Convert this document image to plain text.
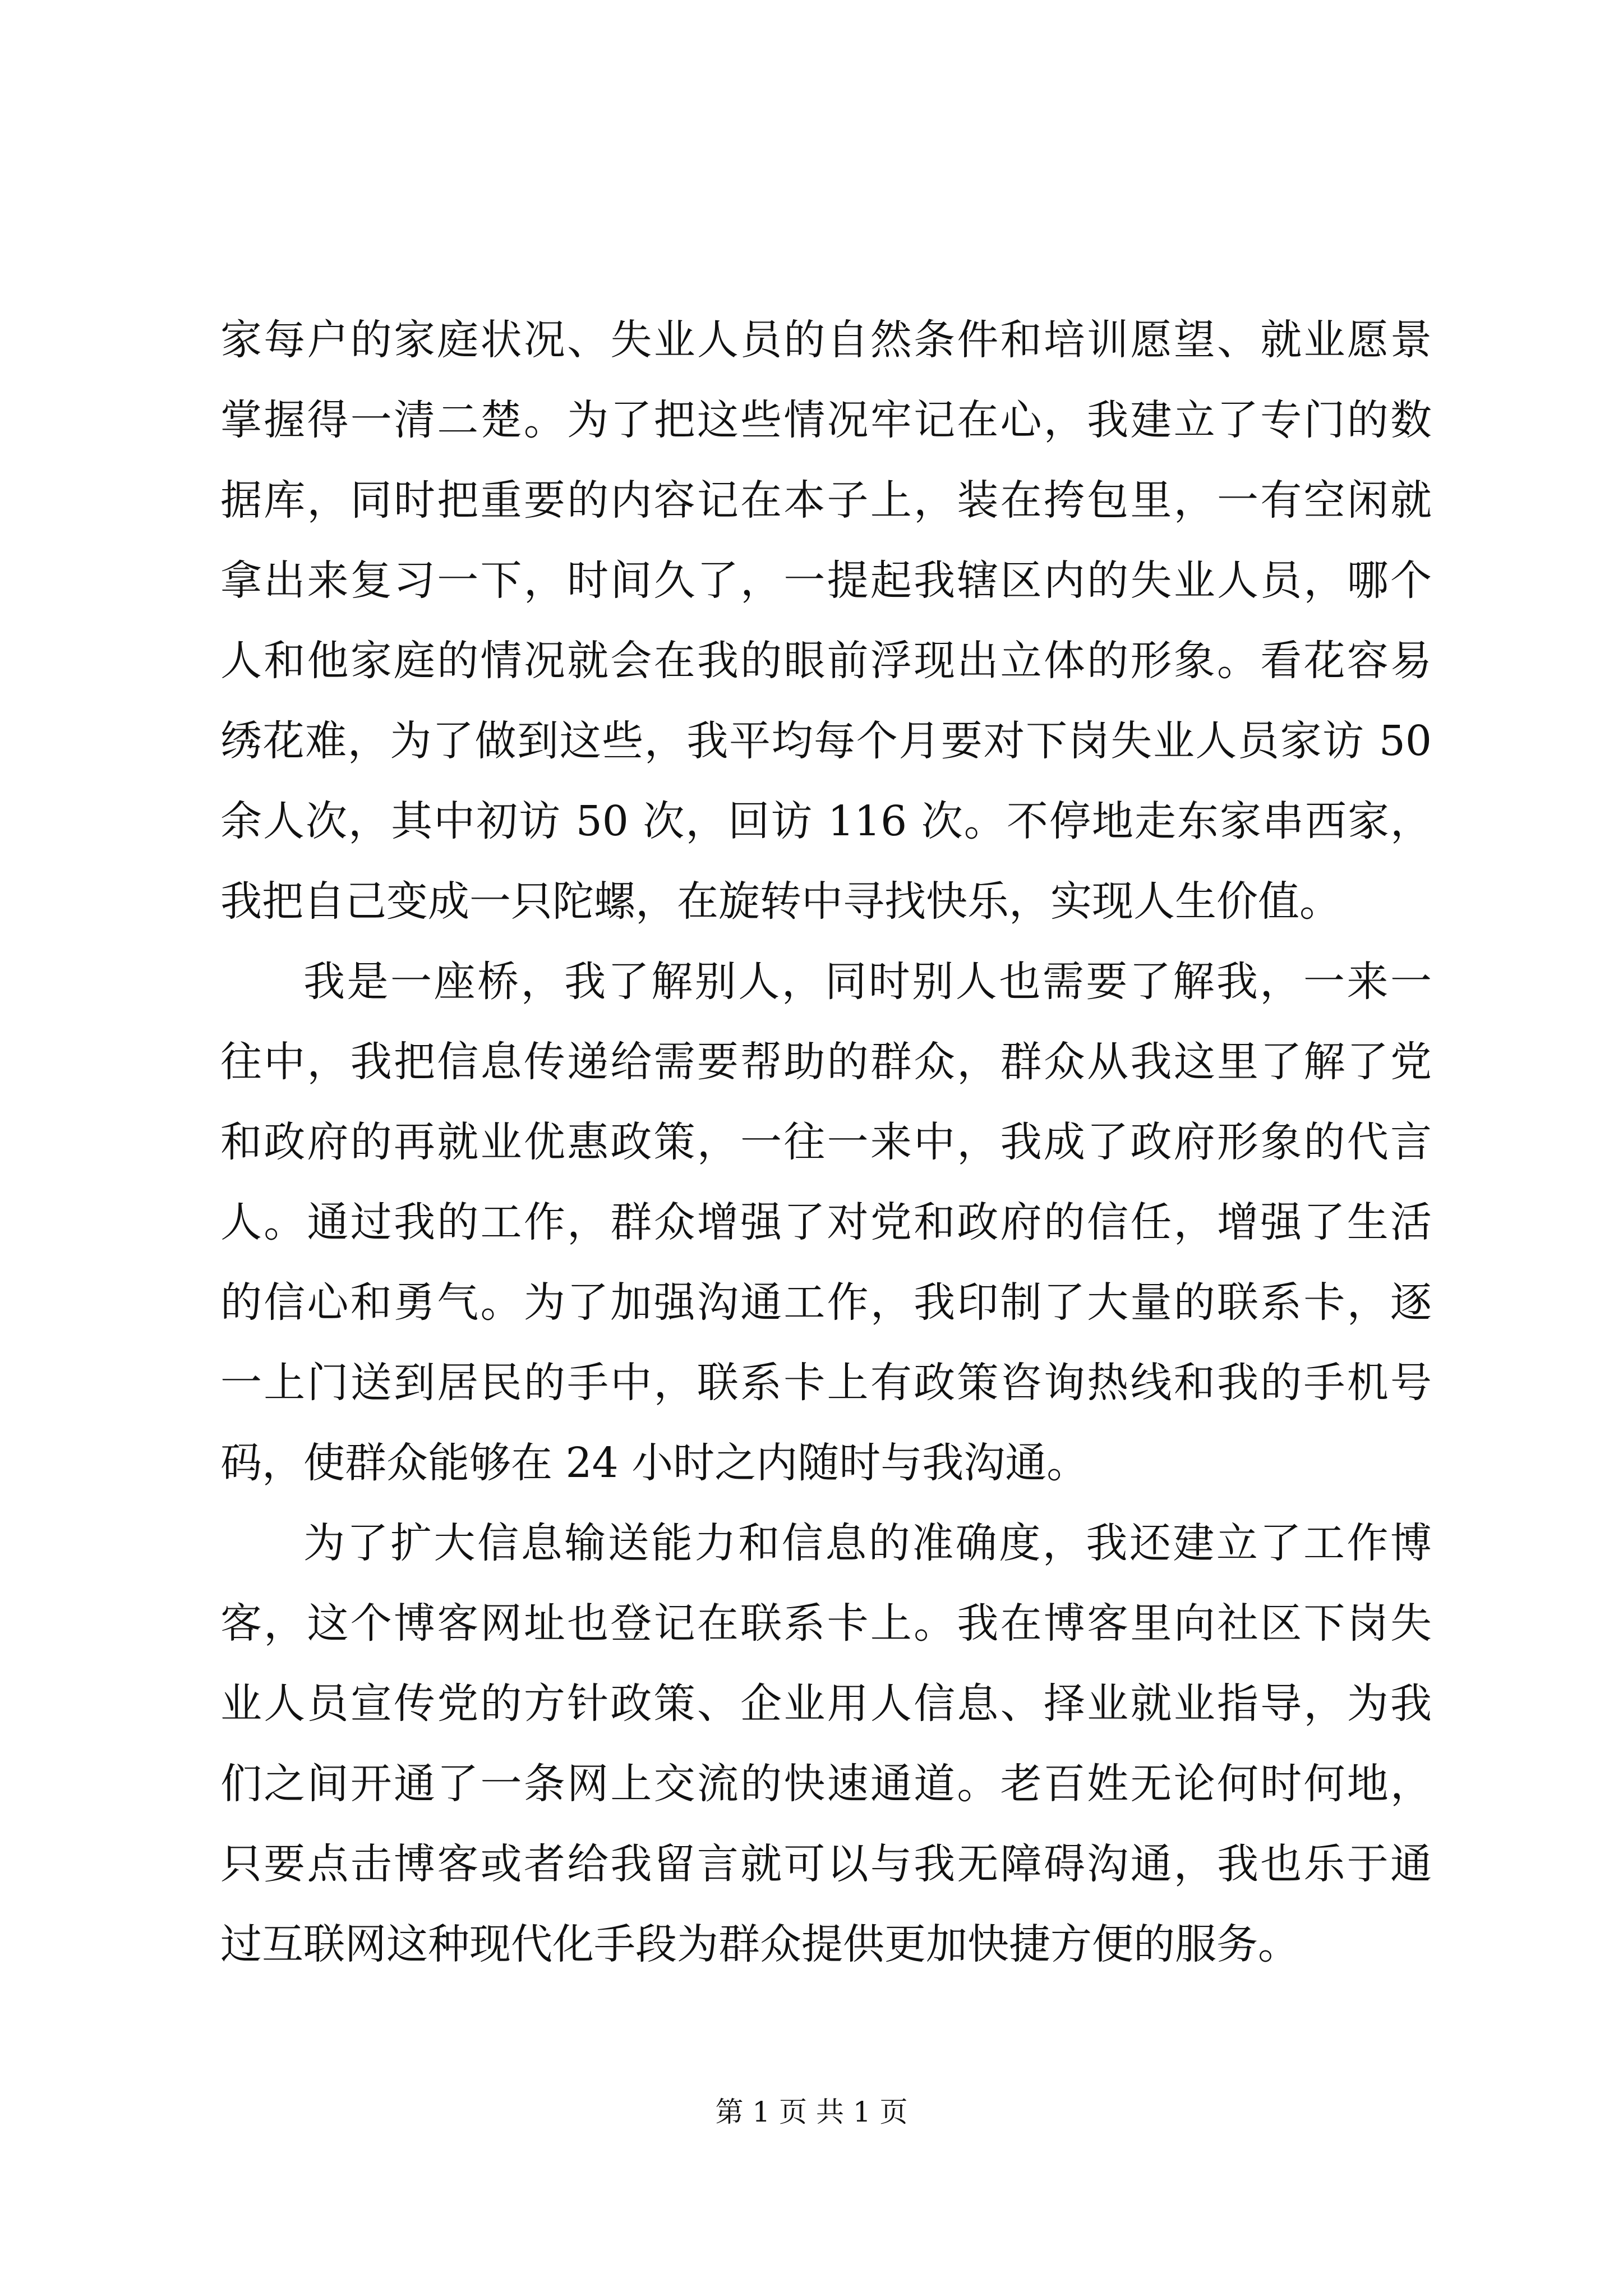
家每户的家庭状况、失业人员的自然条件和培训愿望、就业愿景
掌握得一清二楚。为了把这些情况牢记在心，我建立了专门的数
据库，同时把重要的内容记在本子上，装在挎包里，一有空闲就
拿出来复习一下，时间久了，一提起我辖区内的失业人员，哪个
人和他家庭的情况就会在我的眼前浮现出立体的形象。看花容易
绣花难，为了做到这些，我平均每个月要对下岗失业人员家访 50
余人次，其中初访 50 次，回访 116 次。不停地走东家串西家，
我把自己变成一只陀螺，在旋转中寻找快乐，实现人生价值。
我是一座桥，我了解别人，同时别人也需要了解我，一来一
往中，我把信息传递给需要帮助的群众，群众从我这里了解了党
和政府的再就业优惠政策，一往一来中，我成了政府形象的代言
人。通过我的工作，群众增强了对党和政府的信任，增强了生活
的信心和勇气。为了加强沟通工作，我印制了大量的联系卡，逐
一上门送到居民的手中，联系卡上有政策咨询热线和我的手机号
码，使群众能够在 24 小时之内随时与我沟通。
为了扩大信息输送能力和信息的准确度，我还建立了工作博
客，这个博客网址也登记在联系卡上。我在博客里向社区下岗失
业人员宣传党的方针政策、企业用人信息、择业就业指导，为我
们之间开通了一条网上交流的快速通道。老百姓无论何时何地，
只要点击博客或者给我留言就可以与我无障碍沟通，我也乐于通
过互联网这种现代化手段为群众提供更加快捷方便的服务。
第 1 页 共 1 页
